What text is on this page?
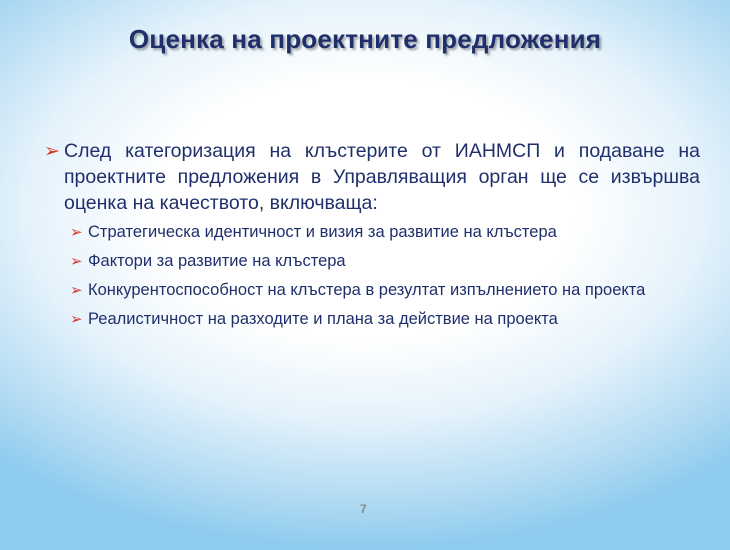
Оценка на проектните предложения
➢ След категоризация на клъстерите от ИАНМСП и подаване на проектните предложения в Управляващия орган ще се извършва оценка на качеството, включваща:
➢ Стратегическа идентичност и визия за развитие на клъстера
➢ Фактори за развитие на клъстера
➢ Конкурентоспособност на клъстера в резултат изпълнението на проекта
➢ Реалистичност на разходите и плана за действие на проекта
7
